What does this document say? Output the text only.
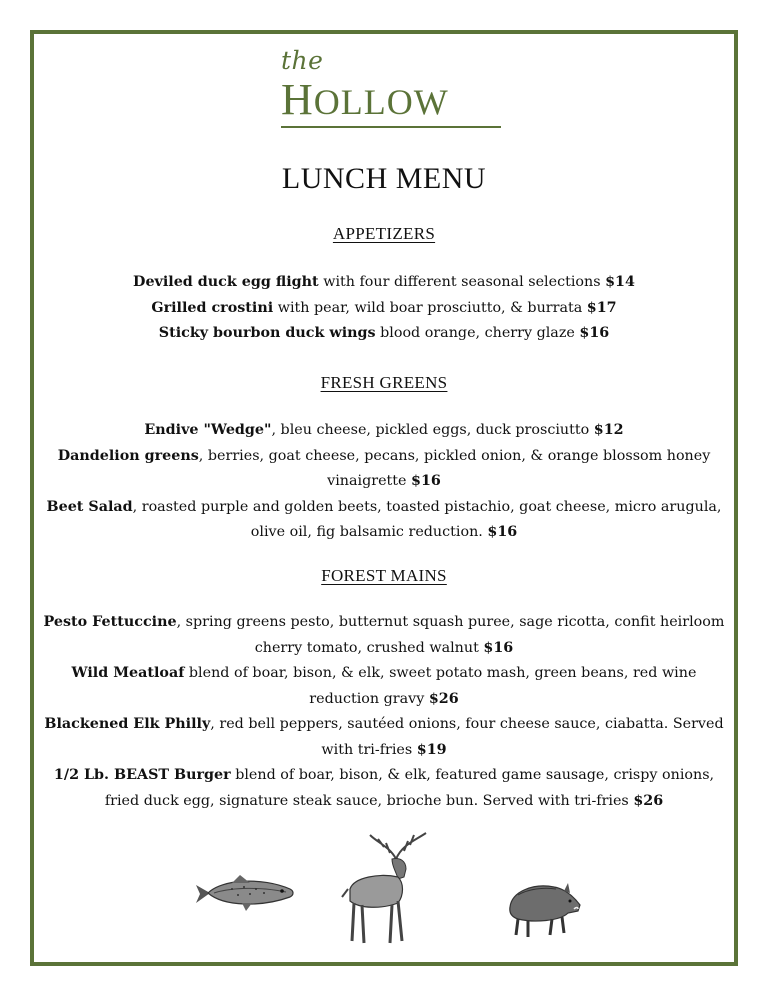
the
HOLLOW
LUNCH MENU
APPETIZERS

Deviled duck egg flight with four different seasonal selections $14

Grilled crostini with pear, wild boar prosciutto, & burrata $17

Sticky bourbon duck wings blood orange, cherry glaze $16

FRESH GREENS

Endive "Wedge", bleu cheese, pickled eggs, duck prosciutto $12

Dandelion greens, berries, goat cheese, pecans, pickled onion, & orange blossom honey vinaigrette $16

Beet Salad, roasted purple and golden beets, toasted pistachio, goat cheese, micro arugula, olive oil, fig balsamic reduction. $16

FOREST MAINS

Pesto Fettuccine, spring greens pesto, butternut squash puree, sage ricotta, confit heirloom cherry tomato, crushed walnut $16

Wild Meatloaf blend of boar, bison, & elk, sweet potato mash, green beans, red wine reduction gravy $26

Blackened Elk Philly, red bell peppers, sautéed onions, four cheese sauce, ciabatta. Served with tri-fries $19

1/2 Lb. BEAST Burger blend of boar, bison, & elk, featured game sausage, crispy onions, fried duck egg, signature steak sauce, brioche bun. Served with tri-fries $26
